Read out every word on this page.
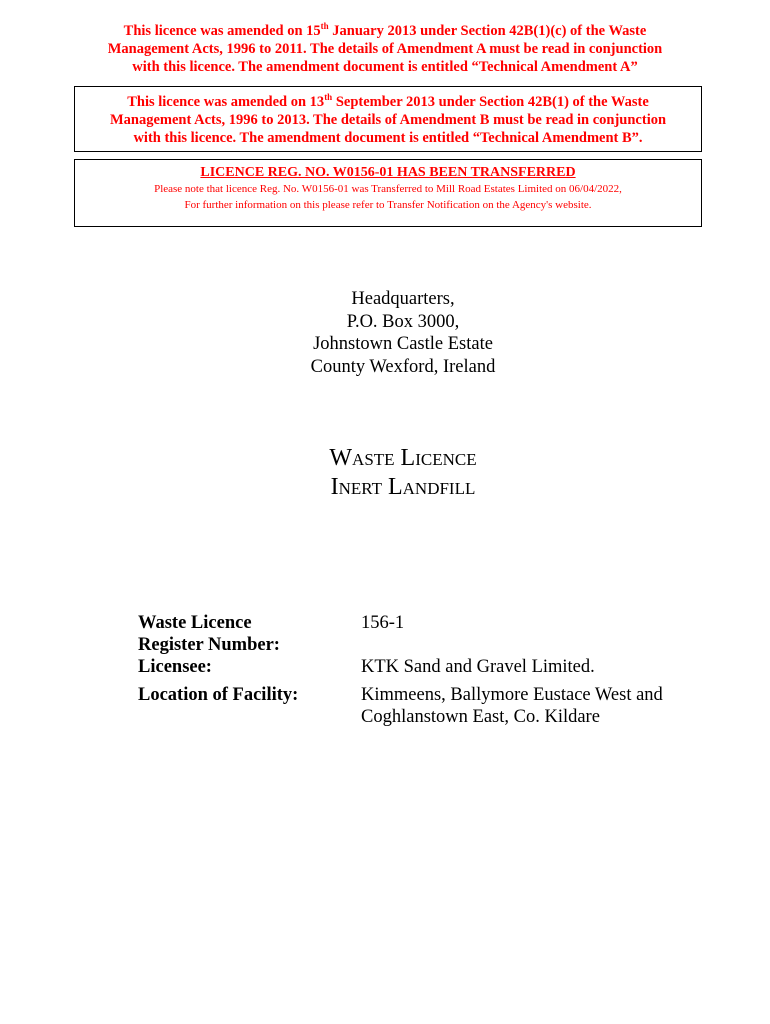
This licence was amended on 15th January 2013 under Section 42B(1)(c) of the Waste
Management Acts, 1996 to 2011. The details of Amendment A must be read in conjunction
with this licence. The amendment document is entitled “Technical Amendment A”
This licence was amended on 13th September 2013 under Section 42B(1) of the Waste
Management Acts, 1996 to 2013. The details of Amendment B must be read in conjunction
with this licence. The amendment document is entitled “Technical Amendment B”.
LICENCE REG. NO. W0156-01 HAS BEEN TRANSFERRED
Please note that licence Reg. No. W0156-01 was Transferred to Mill Road Estates Limited on 06/04/2022,
For further information on this please refer to Transfer Notification on the Agency's website.
Headquarters,
P.O. Box 3000,
Johnstown Castle Estate
County Wexford, Ireland
Waste Licence
Inert Landfill
Waste Licence
Register Number:
156-1
Licensee:	KTK Sand and Gravel Limited.
Location of Facility:	Kimmeens, Ballymore Eustace West and
Coghlanstown East, Co. Kildare
